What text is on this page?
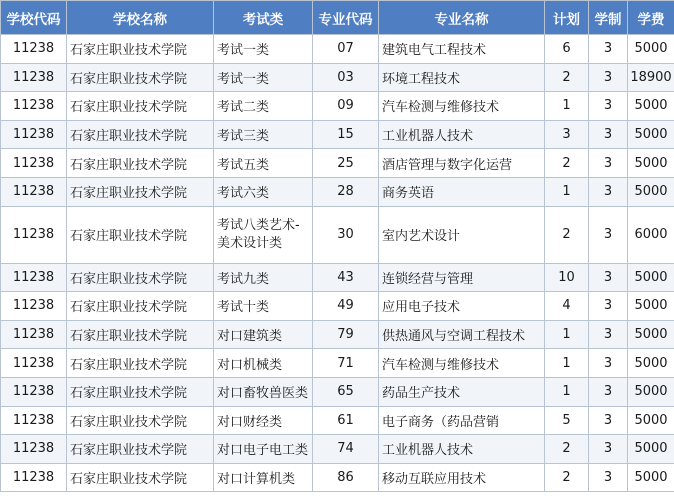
学校代码	学校名称	考试类	专业代码	专业名称	计划	学制	学费
11238	石家庄职业技术学院	考试一类	07	建筑电气工程技术	6	3	5000
11238	石家庄职业技术学院	考试一类	03	环境工程技术	2	3	18900
11238	石家庄职业技术学院	考试二类	09	汽车检测与维修技术	1	3	5000
11238	石家庄职业技术学院	考试三类	15	工业机器人技术	3	3	5000
11238	石家庄职业技术学院	考试五类	25	酒店管理与数字化运营	2	3	5000
11238	石家庄职业技术学院	考试六类	28	商务英语	1	3	5000
11238	石家庄职业技术学院	考试八类艺术-美术设计类	30	室内艺术设计	2	3	6000
11238	石家庄职业技术学院	考试九类	43	连锁经营与管理	10	3	5000
11238	石家庄职业技术学院	考试十类	49	应用电子技术	4	3	5000
11238	石家庄职业技术学院	对口建筑类	79	供热通风与空调工程技术	1	3	5000
11238	石家庄职业技术学院	对口机械类	71	汽车检测与维修技术	1	3	5000
11238	石家庄职业技术学院	对口畜牧兽医类	65	药品生产技术	1	3	5000
11238	石家庄职业技术学院	对口财经类	61	电子商务（药品营销	5	3	5000
11238	石家庄职业技术学院	对口电子电工类	74	工业机器人技术	2	3	5000
11238	石家庄职业技术学院	对口计算机类	86	移动互联应用技术	2	3	5000
